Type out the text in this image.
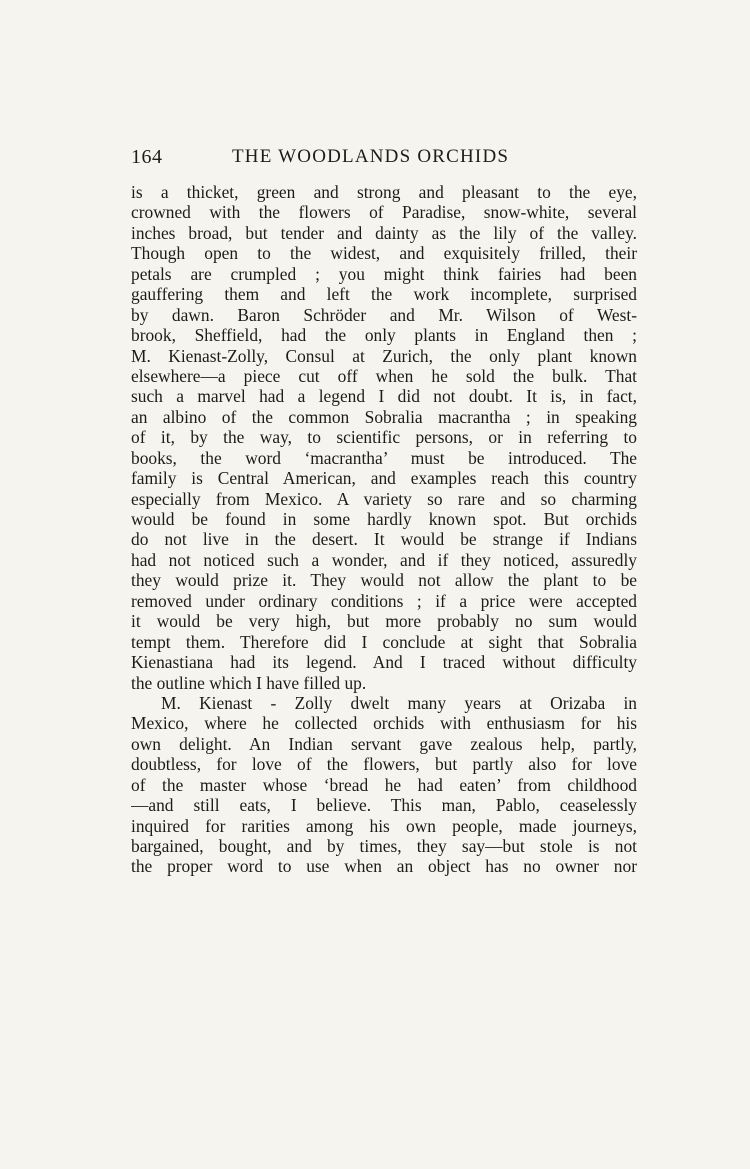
164	THE WOODLANDS ORCHIDS
is a thicket, green and strong and pleasant to the eye,
crowned with the flowers of Paradise, snow-white, several
inches broad, but tender and dainty as the lily of the valley.
Though open to the widest, and exquisitely frilled, their
petals are crumpled ; you might think fairies had been
gauffering them and left the work incomplete, surprised
by dawn. Baron Schröder and Mr. Wilson of West-
brook, Sheffield, had the only plants in England then ;
M. Kienast-Zolly, Consul at Zurich, the only plant known
elsewhere—a piece cut off when he sold the bulk. That
such a marvel had a legend I did not doubt. It is, in fact,
an albino of the common Sobralia macrantha ; in speaking
of it, by the way, to scientific persons, or in referring to
books, the word ‘macrantha’ must be introduced. The
family is Central American, and examples reach this country
especially from Mexico. A variety so rare and so charming
would be found in some hardly known spot. But orchids
do not live in the desert. It would be strange if Indians
had not noticed such a wonder, and if they noticed, assuredly
they would prize it. They would not allow the plant to be
removed under ordinary conditions ; if a price were accepted
it would be very high, but more probably no sum would
tempt them. Therefore did I conclude at sight that Sobralia
Kienastiana had its legend. And I traced without difficulty
the outline which I have filled up.
M. Kienast - Zolly dwelt many years at Orizaba in
Mexico, where he collected orchids with enthusiasm for his
own delight. An Indian servant gave zealous help, partly,
doubtless, for love of the flowers, but partly also for love
of the master whose ‘bread he had eaten’ from childhood
—and still eats, I believe. This man, Pablo, ceaselessly
inquired for rarities among his own people, made journeys,
bargained, bought, and by times, they say—but stole is not
the proper word to use when an object has no owner nor
